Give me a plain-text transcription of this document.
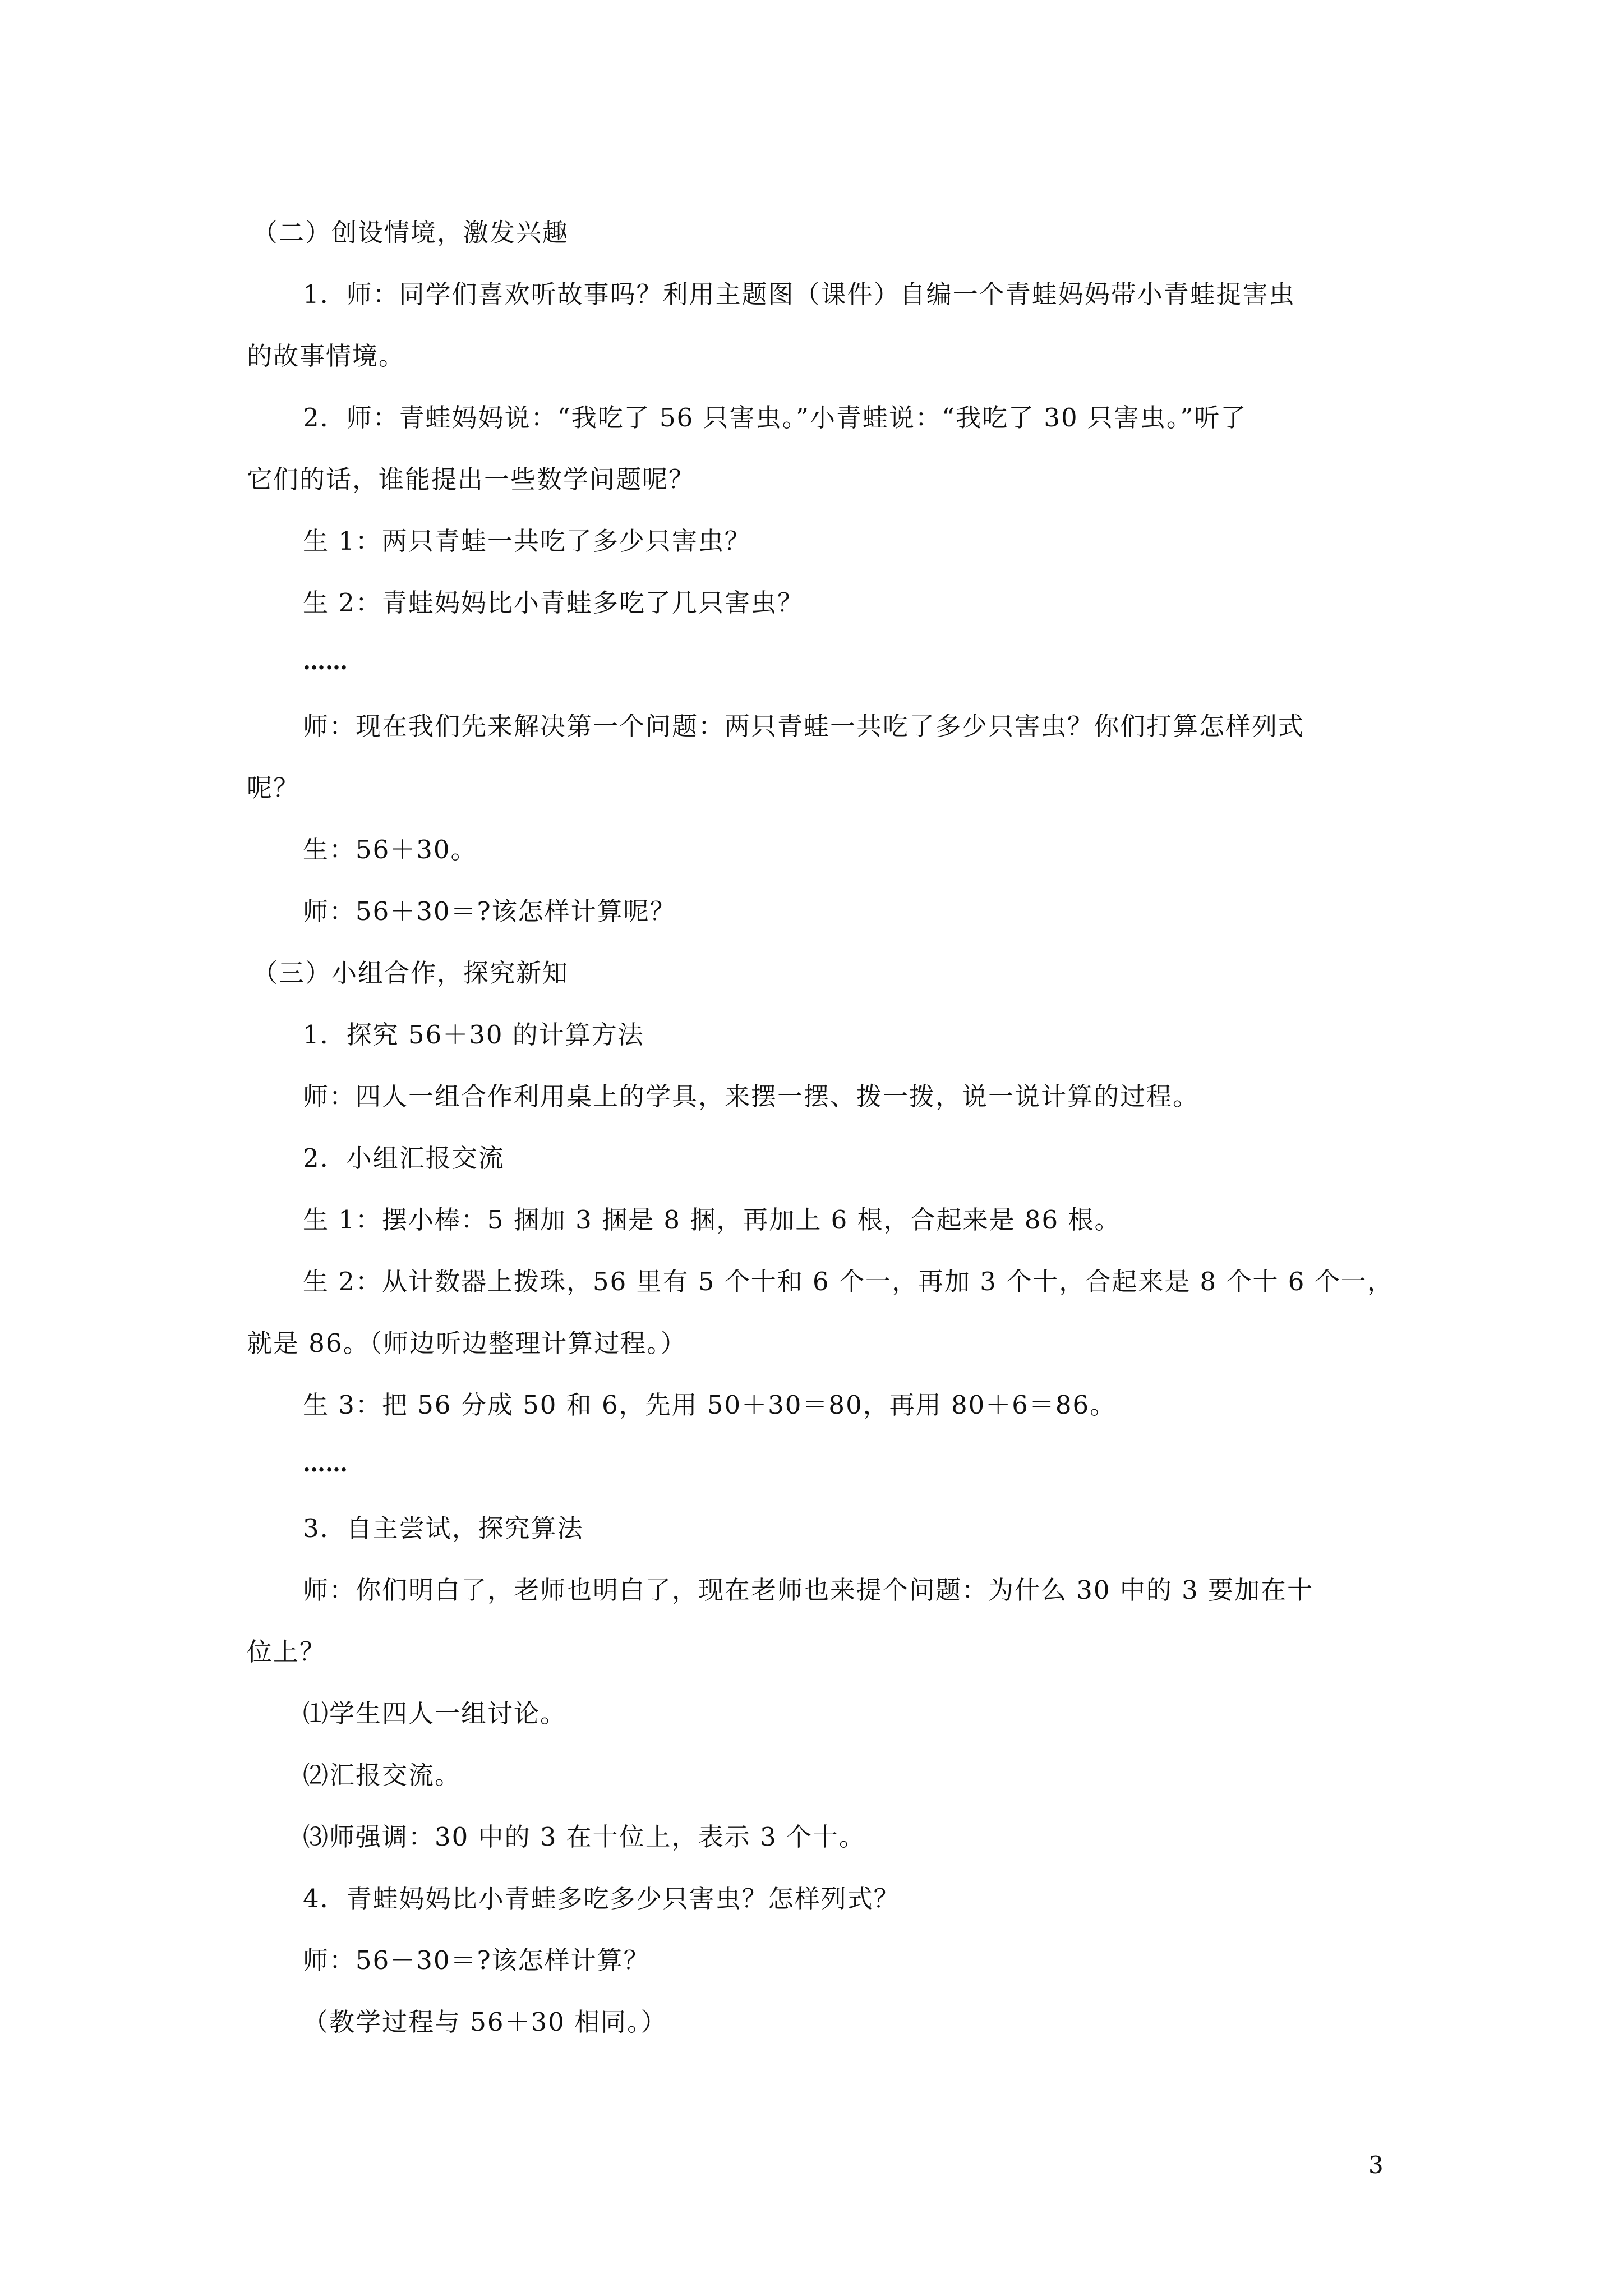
（二）创设情境，激发兴趣

1．师：同学们喜欢听故事吗？利用主题图（课件）自编一个青蛙妈妈带小青蛙捉害虫

的故事情境。

2．师：青蛙妈妈说：“我吃了 56 只害虫。”小青蛙说：“我吃了 30 只害虫。”听了

它们的话，谁能提出一些数学问题呢？

生 1：两只青蛙一共吃了多少只害虫？

生 2：青蛙妈妈比小青蛙多吃了几只害虫？

……

师：现在我们先来解决第一个问题：两只青蛙一共吃了多少只害虫？你们打算怎样列式

呢？

生：56＋30。

师：56＋30＝?该怎样计算呢？

（三）小组合作，探究新知

1．探究 56＋30 的计算方法

师：四人一组合作利用桌上的学具，来摆一摆、拨一拨，说一说计算的过程。

2．小组汇报交流

生 1：摆小棒：5 捆加 3 捆是 8 捆，再加上 6 根，合起来是 86 根。

生 2：从计数器上拨珠，56 里有 5 个十和 6 个一，再加 3 个十，合起来是 8 个十 6 个一，

就是 86。（师边听边整理计算过程。）

生 3：把 56 分成 50 和 6，先用 50＋30＝80，再用 80＋6＝86。

……

3．自主尝试，探究算法

师：你们明白了，老师也明白了，现在老师也来提个问题：为什么 30 中的 3 要加在十

位上？

⑴学生四人一组讨论。

⑵汇报交流。

⑶师强调：30 中的 3 在十位上，表示 3 个十。

4．青蛙妈妈比小青蛙多吃多少只害虫？怎样列式？

师：56－30＝?该怎样计算？

（教学过程与 56＋30 相同。）

3
